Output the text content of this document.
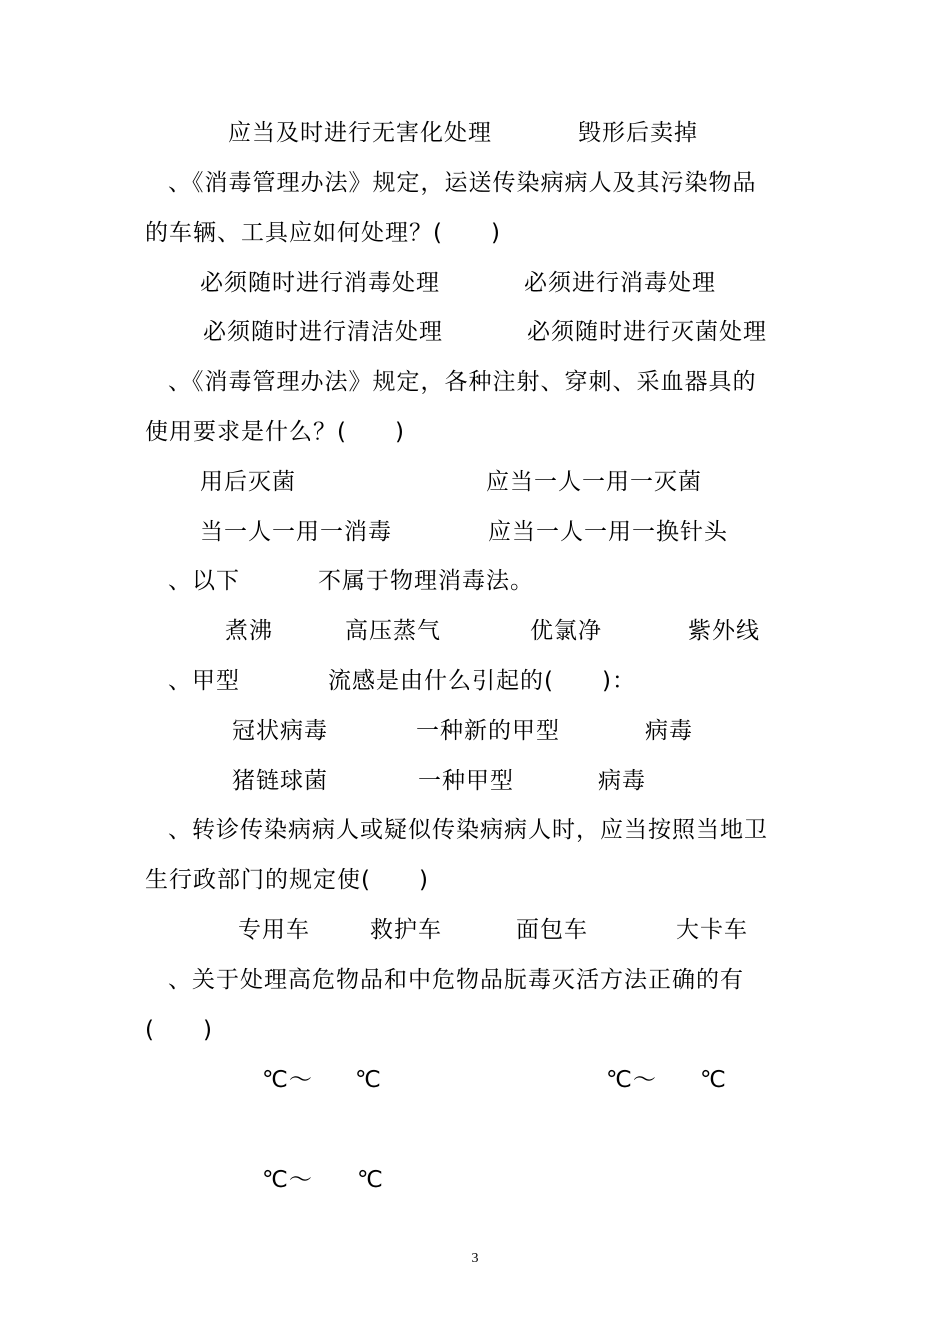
应当及时进行无害化处理	毁形后卖掉
、《消毒管理办法》规定，运送传染病病人及其污染物品
的车辆、工具应如何处理？(　　)
必须随时进行消毒处理	必须进行消毒处理
必须随时进行清洁处理	必须随时进行灭菌处理
、《消毒管理办法》规定，各种注射、穿刺、采血器具的
使用要求是什么？(　　)
用后灭菌	应当一人一用一灭菌
当一人一用一消毒	应当一人一用一换针头
、以下	不属于物理消毒法。
煮沸	高压蒸气	优氯净	紫外线
、甲型	流感是由什么引起的(　　)：
冠状病毒	一种新的甲型	病毒
猪链球菌	一种甲型	病毒
、转诊传染病病人或疑似传染病病人时，应当按照当地卫
生行政部门的规定使(　　)
专用车	救护车	面包车	大卡车
、关于处理高危物品和中危物品朊毒灭活方法正确的有
(　　)
℃～ ℃	℃～ ℃
℃～ ℃
3
